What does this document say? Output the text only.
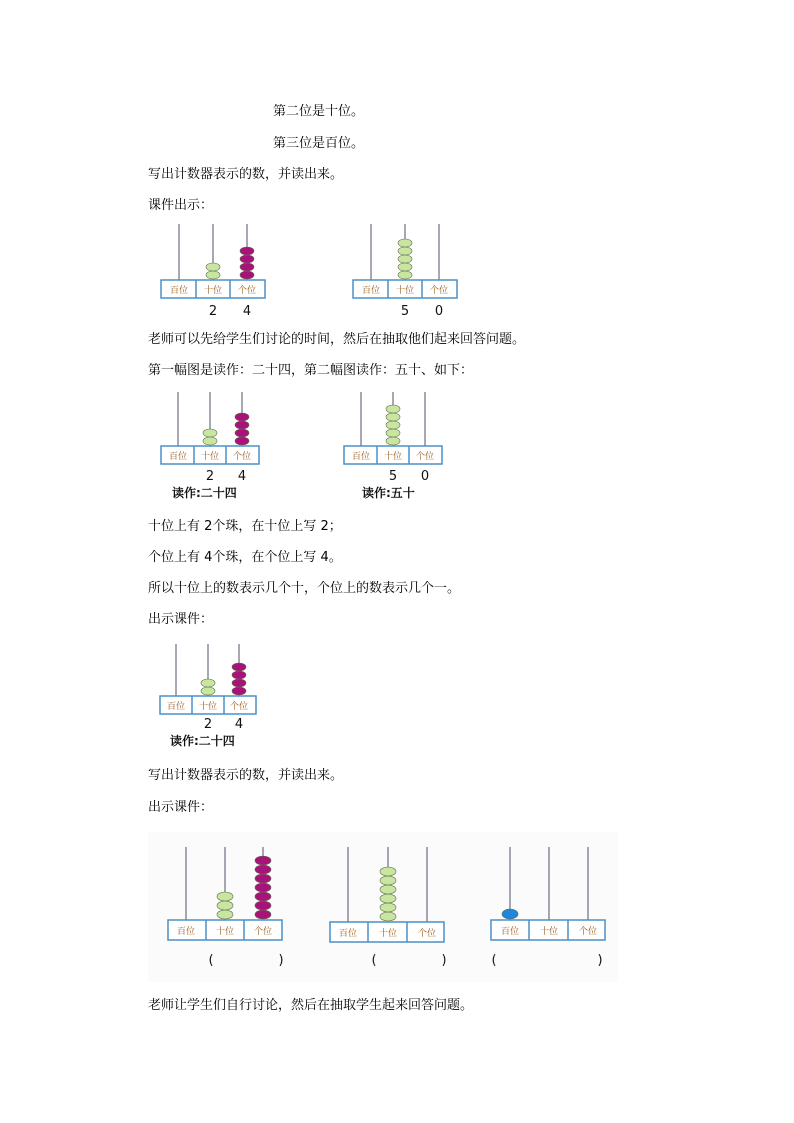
第二位是十位。
第三位是百位。
写出计数器表示的数，并读出来。
课件出示：
百位 十位 个位
2 4
百位 十位 个位
5 0
老师可以先给学生们讨论的时间，然后在抽取他们起来回答问题。
第一幅图是读作：二十四，第二幅图读作：五十、如下：
百位 十位 个位
2 4
读作:二十四
百位 十位 个位
5 0
读作:五十
十位上有 2个珠，在十位上写 2；
个位上有 4个珠，在个位上写 4。
所以十位上的数表示几个十，个位上的数表示几个一。
出示课件：
百位 十位 个位
2 4
读作:二十四
写出计数器表示的数，并读出来。
出示课件：
百位 十位 个位
(	)
百位 十位 个位
(	)
百位 十位 个位
(	)
老师让学生们自行讨论，然后在抽取学生起来回答问题。
